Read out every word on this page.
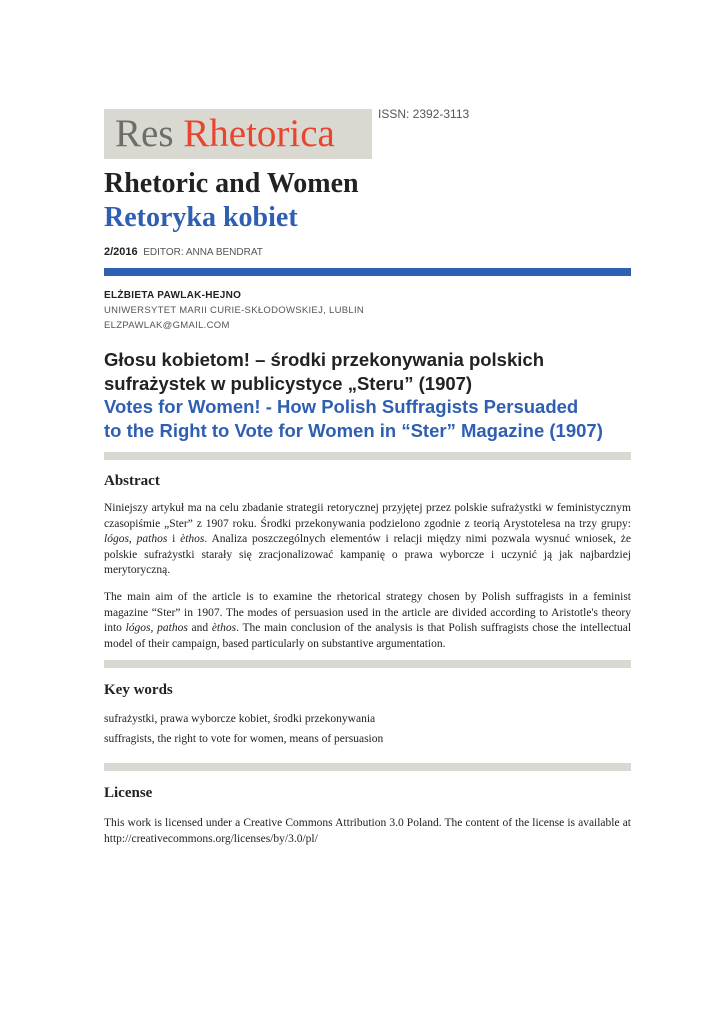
Res Rhetorica	ISSN: 2392-3113
Rhetoric and Women
Retoryka kobiet
2/2016 EDITOR: ANNA BENDRAT
ELŻBIETA PAWLAK-HEJNO
UNIWERSYTET MARII CURIE-SKŁODOWSKIEJ, LUBLIN
ELZPAWLAK@GMAIL.COM
Głosu kobietom! – środki przekonywania polskich
sufrażystek w publicystyce „Steru” (1907)
Votes for Women! - How Polish Suffragists Persuaded
to the Right to Vote for Women in “Ster” Magazine (1907)
Abstract

Niniejszy artykuł ma na celu zbadanie strategii retorycznej przyjętej przez polskie sufrażystki w feministycznym czasopiśmie „Ster” z 1907 roku. Środki przekonywania podzielono zgodnie z teorią Arystotelesa na trzy grupy: lógos, pathos i èthos. Analiza poszczególnych elementów i relacji między nimi pozwala wysnuć wniosek, że polskie sufrażystki starały się zracjonalizować kampanię o prawa wyborcze i uczynić ją jak najbardziej merytoryczną.

The main aim of the article is to examine the rhetorical strategy chosen by Polish suffragists in a feminist magazine “Ster” in 1907. The modes of persuasion used in the article are divided according to Aristotle's theory into lógos, pathos and èthos. The main conclusion of the analysis is that Polish suffragists chose the intellectual model of their campaign, based particularly on substantive argumentation.

Key words
sufrażystki, prawa wyborcze kobiet, środki przekonywania
suffragists, the right to vote for women, means of persuasion
License

This work is licensed under a Creative Commons Attribution 3.0 Poland. The content of the license is available at http://creativecommons.org/licenses/by/3.0/pl/
